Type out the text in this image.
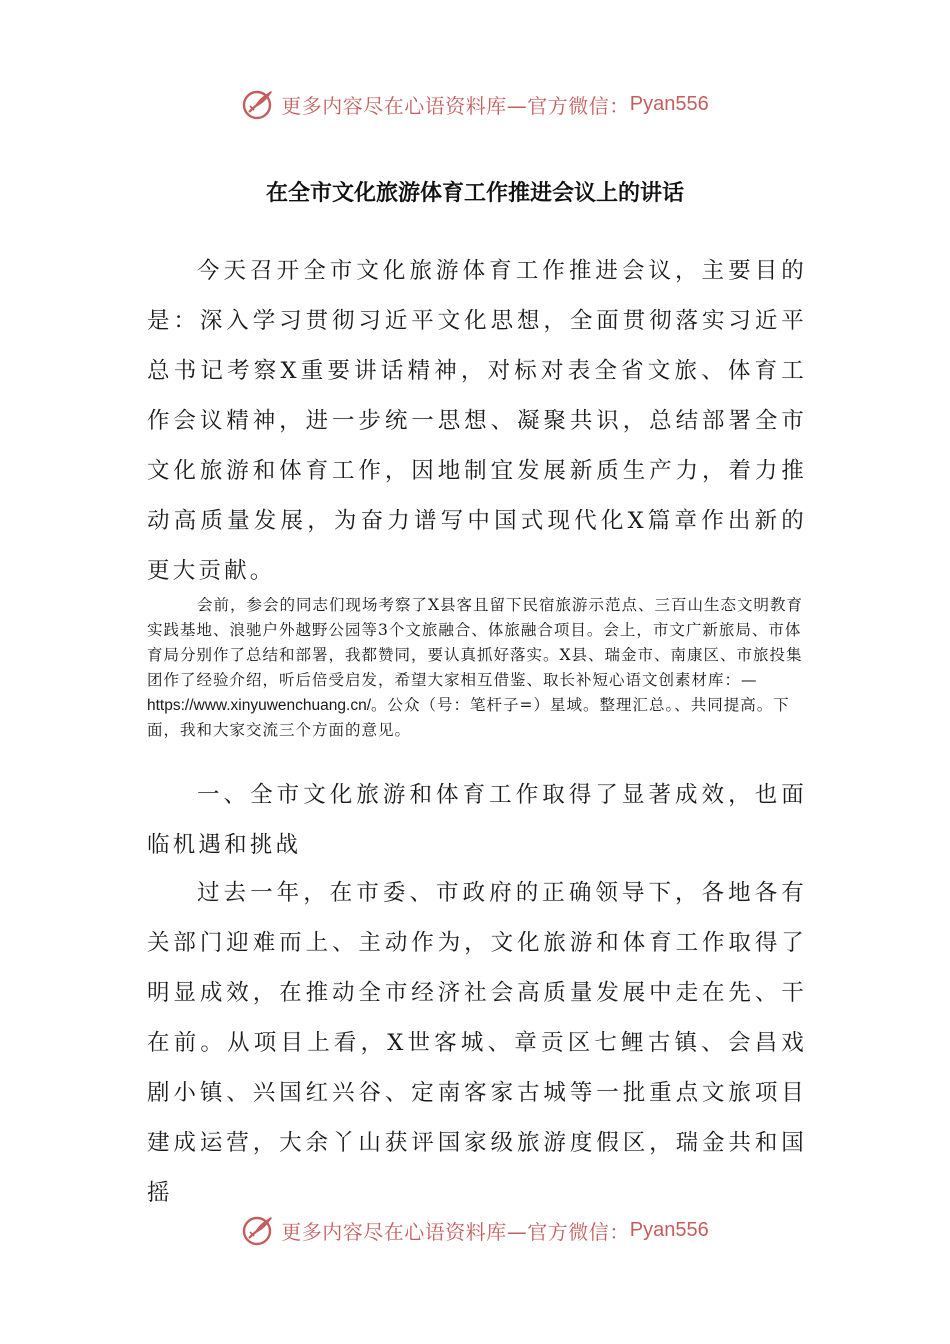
更多内容尽在心语资料库—官方微信： Pyan556
在全市文化旅游体育工作推进会议上的讲话

今天召开全市文化旅游体育工作推进会议，主要目的是：深入学习贯彻习近平文化思想，全面贯彻落实习近平总书记考察X重要讲话精神，对标对表全省文旅、体育工作会议精神，进一步统一思想、凝聚共识，总结部署全市文化旅游和体育工作，因地制宜发展新质生产力，着力推动高质量发展，为奋力谱写中国式现代化X篇章作出新的更大贡献。

会前，参会的同志们现场考察了X县客且留下民宿旅游示范点、三百山生态文明教育实践基地、浪驰户外越野公园等3个文旅融合、体旅融合项目。会上，市文广新旅局、市体育局分别作了总结和部署，我都赞同，要认真抓好落实。X县、瑞金市、南康区、市旅投集团作了经验介绍，听后倍受启发，希望大家相互借鉴、取长补短心语文创素材库：—https://www.xinyuwenchuang.cn/。公众（号：笔杆子=）星域。整理汇总。、共同提高。下面，我和大家交流三个方面的意见。

一、全市文化旅游和体育工作取得了显著成效，也面临机遇和挑战

过去一年，在市委、市政府的正确领导下，各地各有关部门迎难而上、主动作为，文化旅游和体育工作取得了明显成效，在推动全市经济社会高质量发展中走在先、干在前。从项目上看，X世客城、章贡区七鲤古镇、会昌戏剧小镇、兴国红兴谷、定南客家古城等一批重点文旅项目建成运营，大余丫山获评国家级旅游度假区，瑞金共和国摇

更多内容尽在心语资料库—官方微信： Pyan556
